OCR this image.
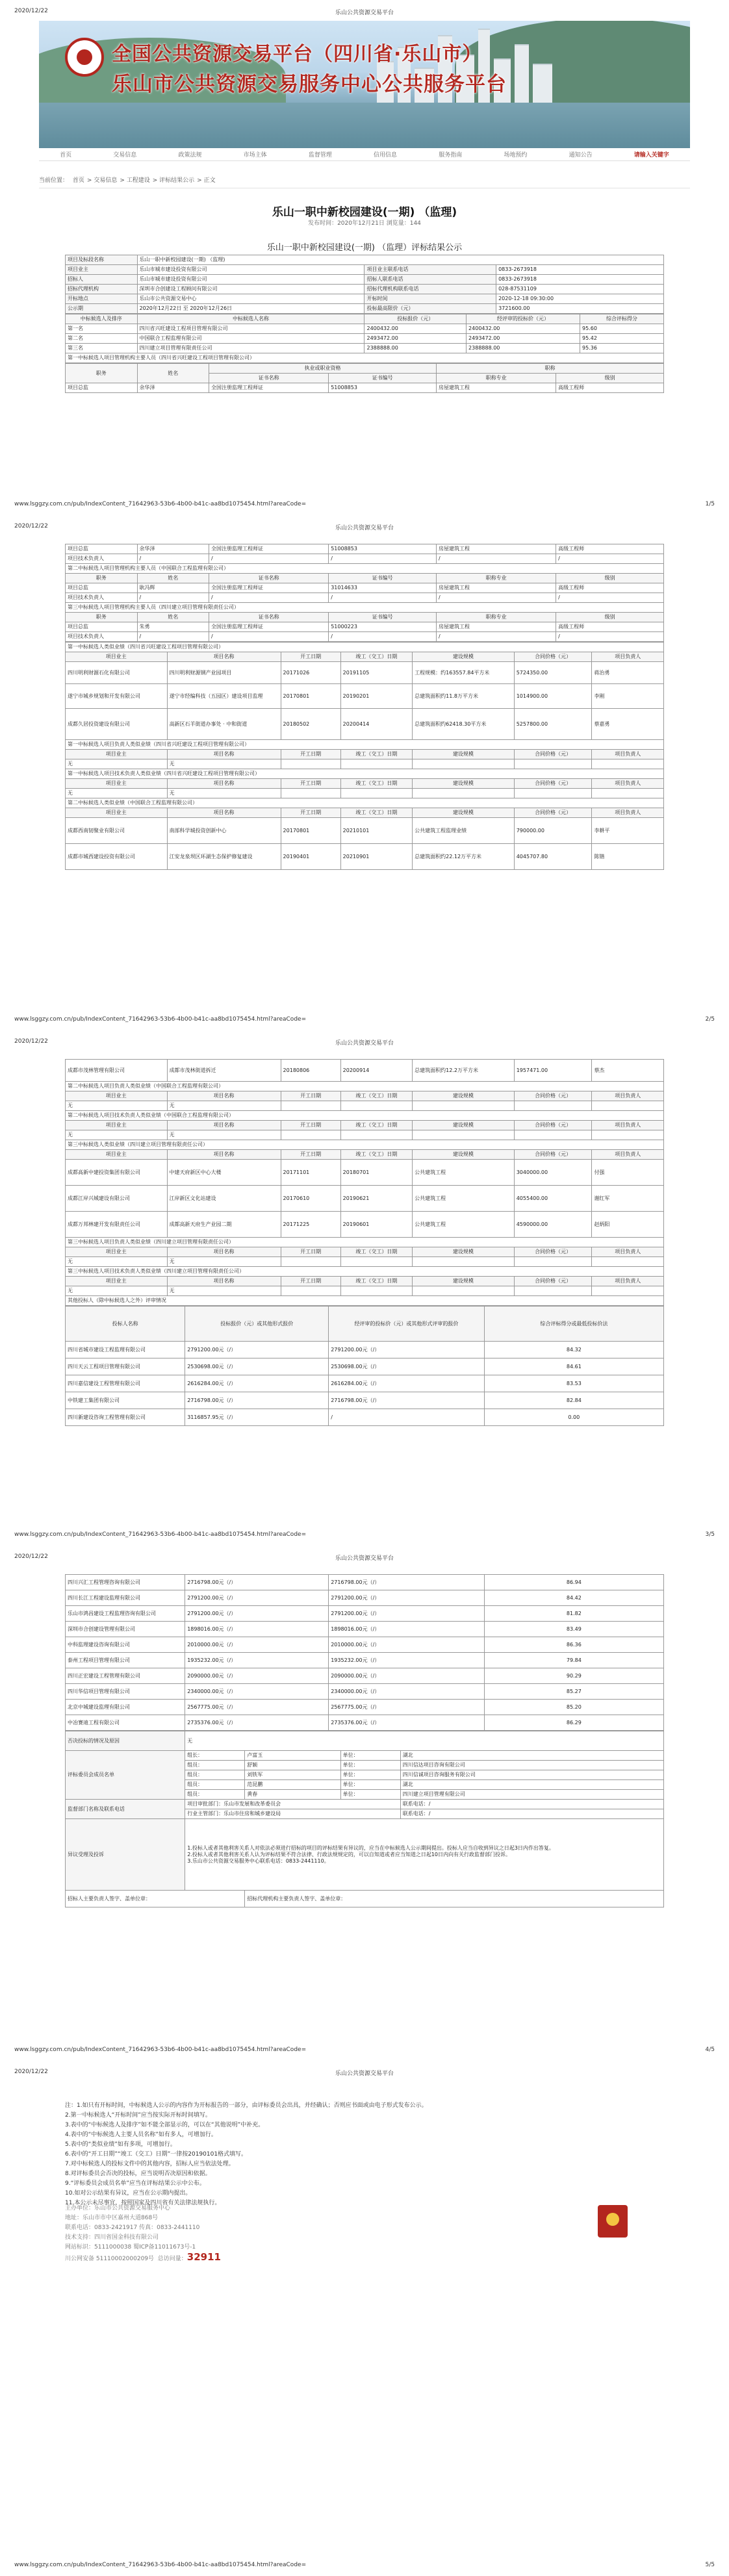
2020/12/22	乐山公共资源交易平台
全国公共资源交易平台（四川省·乐山市）
乐山市公共资源交易服务中心公共服务平台
首页	交易信息	政策法规	市场主体	监督管理	信用信息	服务指南	场地预约	通知公告	请输入关键字
当前位置： 首页 > 交易信息 > 工程建设 > 评标结果公示 > 正文
乐山一职中新校园建设(一期) （监理)
发布时间：2020年12月21日 浏览量：144
乐山一职中新校园建设(一期) （监理）评标结果公示
项目及标段名称	乐山一职中新校园建设(一期) （监理)		
项目业主	乐山市城市建设投资有限公司	项目业主联系电话	0833-2673918
招标人	乐山市城市建设投资有限公司	招标人联系电话	0833-2673918
招标代理机构	深圳市合创建设工程顾问有限公司	招标代理机构联系电话	028-87531109
开标地点	乐山市公共资源交易中心	开标时间	2020-12-18 09:30:00
公示期	2020年12月22日 至 2020年12月26日	投标最高限价（元）	3721600.00
中标候选人及排序	中标候选人名称	投标报价（元）	经评审的投标价（元）	综合评标得分
第一名	四川省兴旺建设工程项目管理有限公司	2400432.00	2400432.00	95.60
第二名	中国联合工程监理有限公司	2493472.00	2493472.00	95.42
第三名	四川建立项目管理有限责任公司	2388888.00	2388888.00	95.36
第一中标候选人项目管理机构主要人员（四川省兴旺建设工程项目管理有限公司）				
职务	姓名	执业或职业资格		职称	
		证书名称	证书编号	职称专业	级别
项目总监	余华泽	全国注册监理工程师证	51008853	房屋建筑工程	高级工程师
www.lsggzy.com.cn/pub/IndexContent_71642963-53b6-4b00-b41c-aa8bd1075454.html?areaCode=	1/5
2020/12/22	乐山公共资源交易平台
项目总监	余华泽	全国注册监理工程师证	51008853	房屋建筑工程	高级工程师
项目技术负责人	/	/	/	/	/
第二中标候选人项目管理机构主要人员（中国联合工程监理有限公司）					
职务	姓名	证书名称	证书编号	职称专业	级别
项目总监	耿冯辉	全国注册监理工程师证	31014633	房屋建筑工程	高级工程师
项目技术负责人	/	/	/	/	/
第三中标候选人项目管理机构主要人员（四川建立项目管理有限责任公司）					
职务	姓名	证书名称	证书编号	职称专业	级别
项目总监	朱勇	全国注册监理工程师证	51000223	房屋建筑工程	高级工程师
项目技术负责人	/	/	/	/	/
第一中标候选人类似业绩（四川省兴旺建设工程项目管理有限公司）						
项目业主	项目名称	开工日期	竣工（交工）日期	建设规模	合同价格（元）	项目负责人
四川明利财源石化有限公司	四川明利财源钢产业园项目	20171026	20191105	工程规模：约163557.84平方米	5724350.00	蒋治勇
遂宁市城乡规划和开发有限公司	遂宁市经编科技（五园区）建设项目监理	20170801	20190201	总建筑面积约11.8万平方米	1014900.00	李刚
成都久居投资建设有限公司	高新区石羊街道办事处 · 中和街道	20180502	20200414	总建筑面积约62418.30平方米	5257800.00	蔡嘉勇
第一中标候选人项目负责人类似业绩（四川省兴旺建设工程项目管理有限公司）						
项目业主	项目名称	开工日期	竣工（交工）日期	建设规模	合同价格（元）	项目负责人
无	无					
第一中标候选人项目技术负责人类似业绩（四川省兴旺建设工程项目管理有限公司）						
项目业主	项目名称	开工日期	竣工（交工）日期	建设规模	合同价格（元）	项目负责人
无	无					
第二中标候选人类似业绩（中国联合工程监理有限公司）						
项目业主	项目名称	开工日期	竣工（交工）日期	建设规模	合同价格（元）	项目负责人
成都西南韧聚业有限公司	南部科学城投资创新中心	20170801	20210101	公共建筑工程监理业绩	790000.00	李耕平
成都市城西建设投资有限公司	江安龙泉坝区环湖生态保护修复建设	20190401	20210901	总建筑面积约22.12万平方米	4045707.80	陈锴
www.lsggzy.com.cn/pub/IndexContent_71642963-53b6-4b00-b41c-aa8bd1075454.html?areaCode=	2/5
2020/12/22	乐山公共资源交易平台
成都市茂林管理有限公司	成都市茂林街道拆迁	20180806	20200914	总建筑面积约12.2万平方米	1957471.00	蔡杰
第二中标候选人项目负责人类似业绩（中国联合工程监理有限公司）						
项目业主	项目名称	开工日期	竣工（交工）日期	建设规模	合同价格（元）	项目负责人
无	无					
第二中标候选人项目技术负责人类似业绩（中国联合工程监理有限公司）						
项目业主	项目名称	开工日期	竣工（交工）日期	建设规模	合同价格（元）	项目负责人
无	无					
第三中标候选人类似业绩（四川建立项目管理有限责任公司）						
项目业主	项目名称	开工日期	竣工（交工）日期	建设规模	合同价格（元）	项目负责人
成都高新中建投资集团有限公司	中建天府新区中心大楼	20171101	20180701	公共建筑工程	3040000.00	付强
成都江岸兴城建设有限公司	江岸新区文化站建设	20170610	20190621	公共建筑工程	4055400.00	谢红军
成都万邦林建开发有限责任公司	成都高新天府生产业园二期	20171225	20190601	公共建筑工程	4590000.00	赵炳阳
第三中标候选人项目负责人类似业绩（四川建立项目管理有限责任公司）						
项目业主	项目名称	开工日期	竣工（交工）日期	建设规模	合同价格（元）	项目负责人
无	无					
第三中标候选人项目技术负责人类似业绩（四川建立项目管理有限责任公司）						
项目业主	项目名称	开工日期	竣工（交工）日期	建设规模	合同价格（元）	项目负责人
无	无					
其他投标人（除中标候选人之外）评审情况						
投标人名称	投标报价（元）或其他形式报价	经评审的投标价（元）或其他形式评审的报价	综合评标得分或最低投标价法
四川省城市建设工程监理有限公司	2791200.00元（/）	2791200.00元（/）	84.32
四川天云工程项目管理有限公司	2530698.00元（/）	2530698.00元（/）	84.61
四川嘉信建设工程管理有限公司	2616284.00元（/）	2616284.00元（/）	83.53
中铁建工集团有限公司	2716798.00元（/）	2716798.00元（/）	82.84
四川新建设咨询工程管理有限公司	3116857.95元（/）	/	0.00
www.lsggzy.com.cn/pub/IndexContent_71642963-53b6-4b00-b41c-aa8bd1075454.html?areaCode=	3/5
2020/12/22	乐山公共资源交易平台
四川兴汇工程管理咨询有限公司	2716798.00元（/）	2716798.00元（/）	86.94
四川长江工程建设监理有限公司	2791200.00元（/）	2791200.00元（/）	84.42
乐山市鸿昌建设工程监理咨询有限公司	2791200.00元（/）	2791200.00元（/）	81.82
深圳市合创建设管理有限公司	1898016.00元（/）	1898016.00元（/）	83.49
中科监理建设咨询有限公司	2010000.00元（/）	2010000.00元（/）	86.36
泰州工程项目管理有限公司	1935232.00元（/）	1935232.00元（/）	79.84
四川正宏建设工程管理有限公司	2090000.00元（/）	2090000.00元（/）	90.29
四川华信项目管理有限公司	2340000.00元（/）	2340000.00元（/）	85.27
北京中城建设监理有限公司	2567775.00元（/）	2567775.00元（/）	85.20
中冶赛迪工程有限公司	2735376.00元（/）	2735376.00元（/）	86.29
否决投标的情况及原因	无			
评标委员会成员名单	组长：	卢富玉	单位：	湖北
	组员：	舒颖	单位：	四川信达项目咨询有限公司
	组员：	刘铁军	单位：	四川信诚项目咨询服务有限公司
	组员：	范昆鹏	单位：	湖北
	组员：	黄春	单位：	四川建立项目管理有限公司
监督部门名称及联系电话	项目审批部门：乐山市发展和改革委员会			联系电话：/
	行业主管部门：乐山市住房和城乡建设局			联系电话：/
异议受理及投诉	1.投标人或者其他利害关系人对依法必须进行招标的项目的评标结果有异议的，应当在中标候选人公示期间提出。投标人应当自收到异议之日起3日内作出答复。
2.投标人或者其他利害关系人认为评标结果不符合法律、行政法规规定的，可以自知道或者应当知道之日起10日内向有关行政监督部门投诉。
3.乐山市公共资源交易服务中心联系电话：0833-2441110。			

招标人主要负责人签字、盖单位章：		招标代理机构主要负责人签字、盖单位章：		
www.lsggzy.com.cn/pub/IndexContent_71642963-53b6-4b00-b41c-aa8bd1075454.html?areaCode=	4/5
2020/12/22	乐山公共资源交易平台
注：1.如只有开标时间，中标候选人公示的内容作为开标报告的一部分，由评标委员会出具，并经确认；否则应书面或由电子形式发布公示。
2.第一中标候选人“开标时间”应当按实际开标时间填写。
3.表中的“中标候选人及排序”如不能全部显示的，可以在“其他说明”中补充。
4.表中的“中标候选人主要人员名称”如有多人，可增加行。
5.表中的“类似业绩”如有多项，可增加行。
6.表中的“开工日期”“竣工（交工）日期”一律按20190101格式填写。
7.对中标候选人的投标文件中的其他内容，招标人应当依法处理。
8.对评标委员会否决的投标，应当说明否决原因和依据。
9.“评标委员会成员名单”应当在评标结果公示中公布。
10.如对公示结果有异议，应当在公示期内提出。
11.本公示未尽事宜，按照国家及四川省有关法律法规执行。
主办单位：乐山市公共资源交易服务中心
地址：乐山市市中区嘉州大道868号
联系电话：0833-2421917 传真：0833-2441110
技术支持：四川省国金科技有限公司
网站标识：5111000038 蜀ICP备11011673号-1
川公网安备 51110002000209号 总访问量：32911
www.lsggzy.com.cn/pub/IndexContent_71642963-53b6-4b00-b41c-aa8bd1075454.html?areaCode=	5/5
